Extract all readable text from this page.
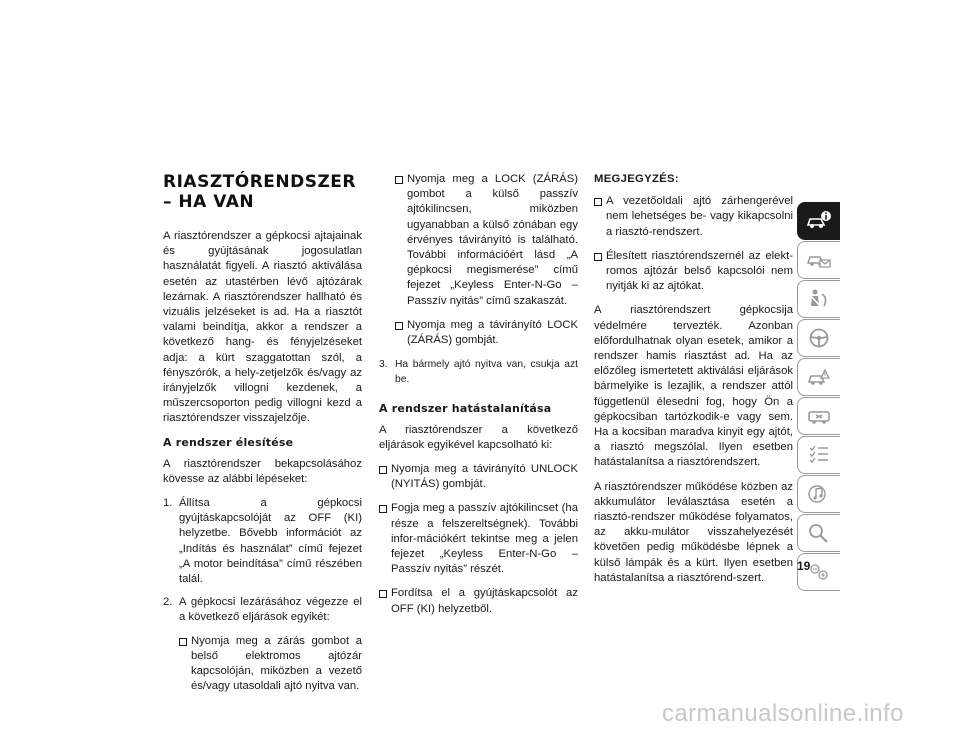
RIASZTÓRENDSZER – HA VAN

A riasztórendszer a gépkocsi ajtajainak és gyújtásának jogosulatlan használatát figyeli. A riasztó aktiválása esetén az utastérben lévő ajtózárak lezárnak. A riasztórendszer hallható és vizuális jelzéseket is ad. Ha a riasztót valami beindítja, akkor a rendszer a következő hang- és fényjelzéseket adja: a kürt szaggatottan szól, a fényszórók, a hely-zetjelzők és/vagy az irányjelzők villogni kezdenek, a műszercsoporton pedig villogni kezd a riasztórendszer visszajelzője.

A rendszer élesítése

A riasztórendszer bekapcsolásához kövesse az alábbi lépéseket:

1. Állítsa a gépkocsi gyújtáskapcsolóját az OFF (KI) helyzetbe. Bővebb információt az „Indítás és használat” című fejezet „A motor beindítása” című részében talál.
2. A gépkocsi lezárásához végezze el a következő eljárások egyikét:
Nyomja meg a zárás gombot a belső elektromos ajtózár kapcsolóján, miközben a vezető és/vagy utasoldali ajtó nyitva van.
Nyomja meg a LOCK (ZÁRÁS) gombot a külső passzív ajtókilincsen, miközben ugyanabban a külső zónában egy érvényes távirányító is található. További információért lásd „A gépkocsi megismerése” című fejezet „Keyless Enter-N-Go – Passzív nyitás” című szakaszát.
Nyomja meg a távirányító LOCK (ZÁRÁS) gombját.
3. Ha bármely ajtó nyitva van, csukja azt be.
A rendszer hatástalanítása

A riasztórendszer a következő eljárások egyikével kapcsolható ki:

Nyomja meg a távirányító UNLOCK (NYITÁS) gombját.
Fogja meg a passzív ajtókilincset (ha része a felszereltségnek). További infor-mációkért tekintse meg a jelen fejezet „Keyless Enter-N-Go – Passzív nyitás” részét.
Fordítsa el a gyújtáskapcsolót az OFF (KI) helyzetből.
MEGJEGYZÉS:
A vezetőoldali ajtó zárhengerével nem lehetséges be- vagy kikapcsolni a riasztó-rendszert.
Élesített riasztórendszernél az elekt-romos ajtózár belső kapcsolói nem nyitják ki az ajtókat.

A riasztórendszert gépkocsija védelmére tervezték. Azonban előfordulhatnak olyan esetek, amikor a rendszer hamis riasztást ad. Ha az előzőleg ismertetett aktiválási eljárások bármelyike is lezajlik, a rendszer attól függetlenül élesedni fog, hogy Ön a gépkocsiban tartózkodik-e vagy sem. Ha a kocsiban maradva kinyit egy ajtót, a riasztó megszólal. Ilyen esetben hatástalanítsa a riasztórendszert.

A riasztórendszer működése közben az akkumulátor leválasztása esetén a riasztó-rendszer működése folyamatos, az akku-mulátor visszahelyezését követően pedig működésbe lépnek a külső lámpák és a kürt. Ilyen esetben hatástalanítsa a riasztórend-szert.

19
carmanualsonline.info
